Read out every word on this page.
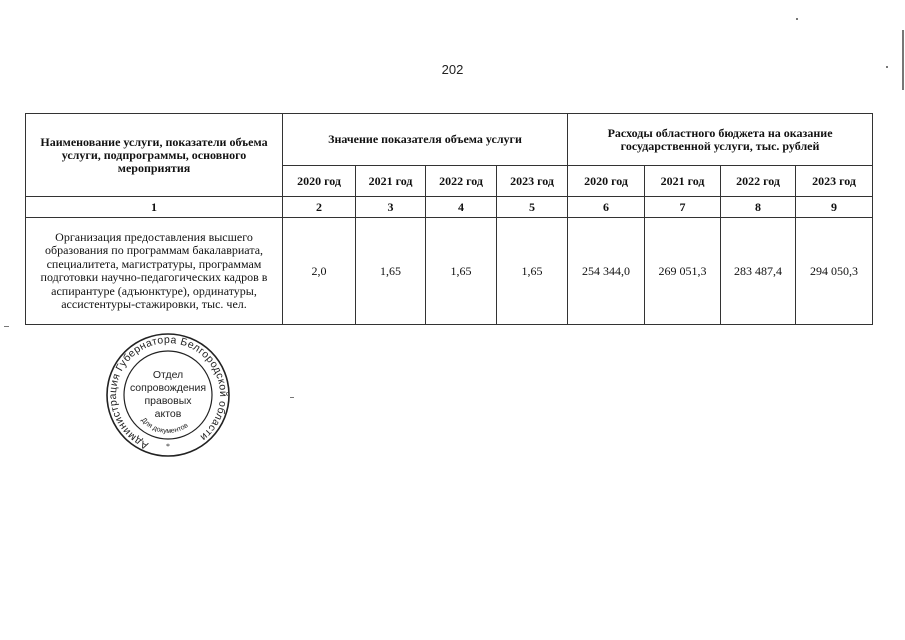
202
Наименование услуги, показатели объема услуги, подпрограммы, основного мероприятия	Значение показателя объема услуги				Расходы областного бюджета на оказание государственной услуги, тыс. рублей			
	2020 год	2021 год	2022 год	2023 год	2020 год	2021 год	2022 год	2023 год
1	2	3	4	5	6	7	8	9
Организация предоставления высшего образования по программам бакалавриата, специалитета, магистратуры, программам подготовки научно-педагогических кадров в аспирантуре (адъюнктуре), ординатуры, ассистентуры-стажировки, тыс. чел.	2,0	1,65	1,65	1,65	254 344,0	269 051,3	283 487,4	294 050,3
Администрация Губернатора Белгородской области
Отдел
сопровождения
правовых
актов
Для документов
*
